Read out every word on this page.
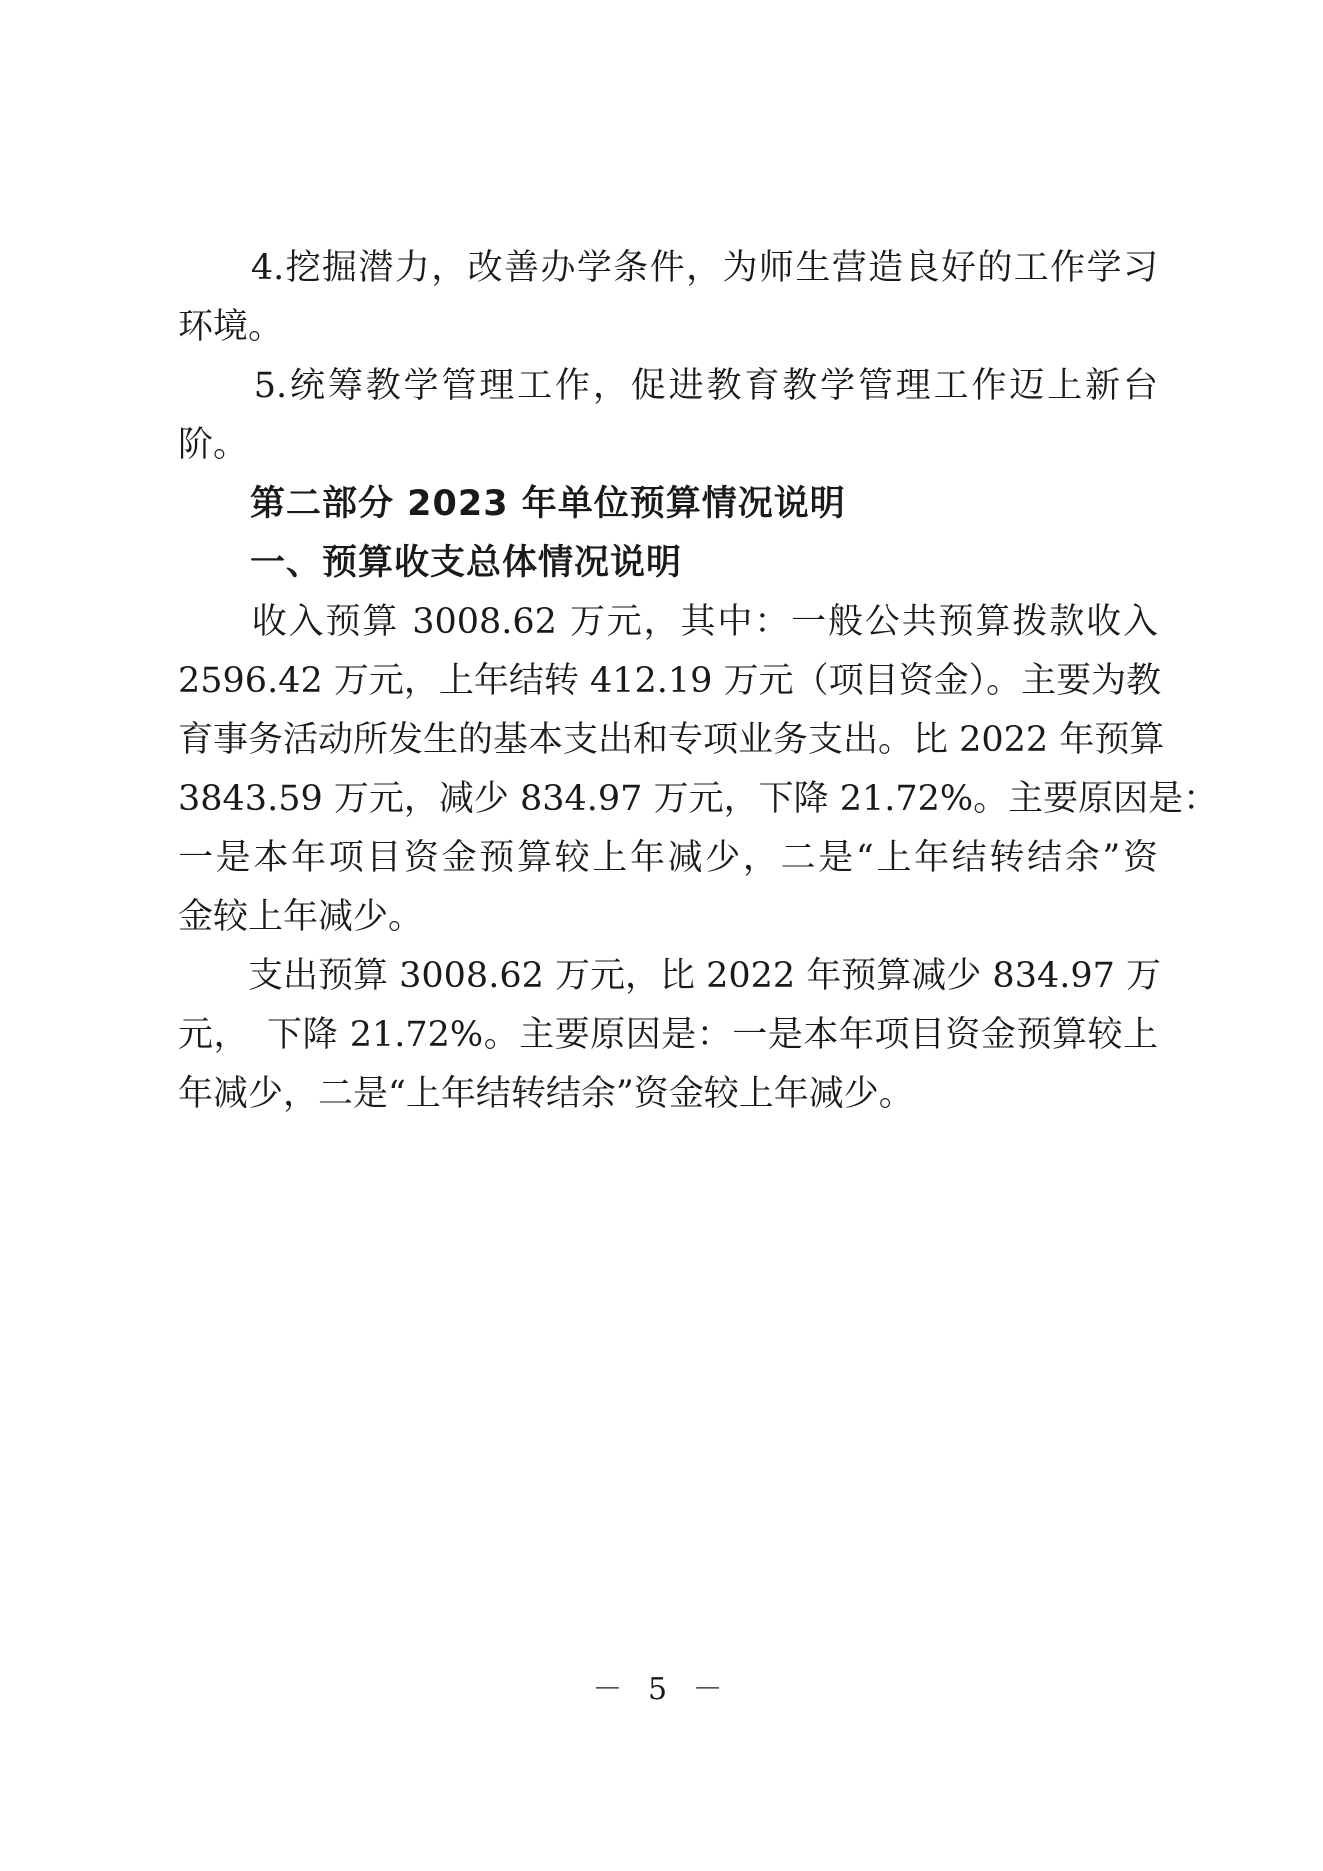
　　4.挖掘潜力，改善办学条件，为师生营造良好的工作学习
环境。
　　5.统筹教学管理工作，促进教育教学管理工作迈上新台
阶。
　　第二部分 2023 年单位预算情况说明
　　一、预算收支总体情况说明
　　收入预算 3008.62 万元，其中：一般公共预算拨款收入
2596.42 万元，上年结转 412.19 万元（项目资金）。主要为教
育事务活动所发生的基本支出和专项业务支出。比 2022 年预算
3843.59 万元，减少 834.97 万元，下降 21.72%。主要原因是：
一是本年项目资金预算较上年减少，二是“上年结转结余”资
金较上年减少。
　　支出预算 3008.62 万元，比 2022 年预算减少 834.97 万
元，　下降 21.72%。主要原因是：一是本年项目资金预算较上
年减少，二是“上年结转结余”资金较上年减少。
－ 5 －
